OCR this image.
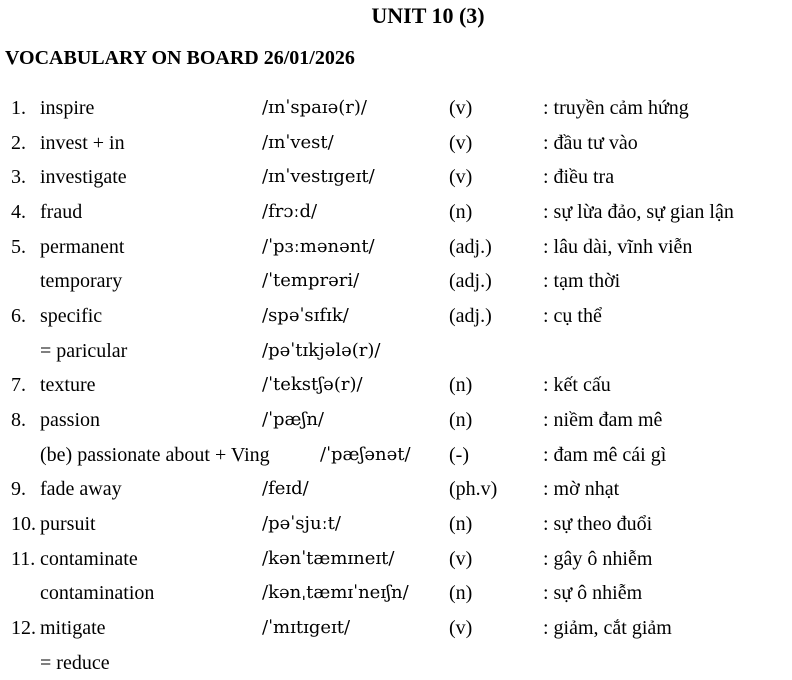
UNIT 10 (3)
VOCABULARY ON BOARD 26/01/2026
1. inspire	/ɪnˈspaɪə(r)/	(v)	: truyền cảm hứng
2. invest + in	/ɪnˈvest/	(v)	: đầu tư vào
3. investigate	/ɪnˈvestɪgeɪt/	(v)	: điều tra
4. fraud	/frɔːd/	(n)	: sự lừa đảo, sự gian lận
5. permanent	/ˈpɜːmənənt/	(adj.)	: lâu dài, vĩnh viễn
temporary	/ˈtemprəri/	(adj.)	: tạm thời
6. specific	/spəˈsɪfɪk/	(adj.)	: cụ thể
= paricular	/pəˈtɪkjələ(r)/
7. texture	/ˈtekstʃə(r)/	(n)	: kết cấu
8. passion	/ˈpæʃn/	(n)	: niềm đam mê
(be) passionate about + Ving	/ˈpæʃənət/ (-)	: đam mê cái gì
9. fade away	/feɪd/	(ph.v) : mờ nhạt
10. pursuit	/pəˈsjuːt/	(n)	: sự theo đuổi
11. contaminate	/kənˈtæmɪneɪt/	(v)	: gây ô nhiễm
contamination	/kənˌtæmɪˈneɪʃn/ (n)	: sự ô nhiễm
12. mitigate	/ˈmɪtɪgeɪt/	(v)	: giảm, cắt giảm
= reduce
